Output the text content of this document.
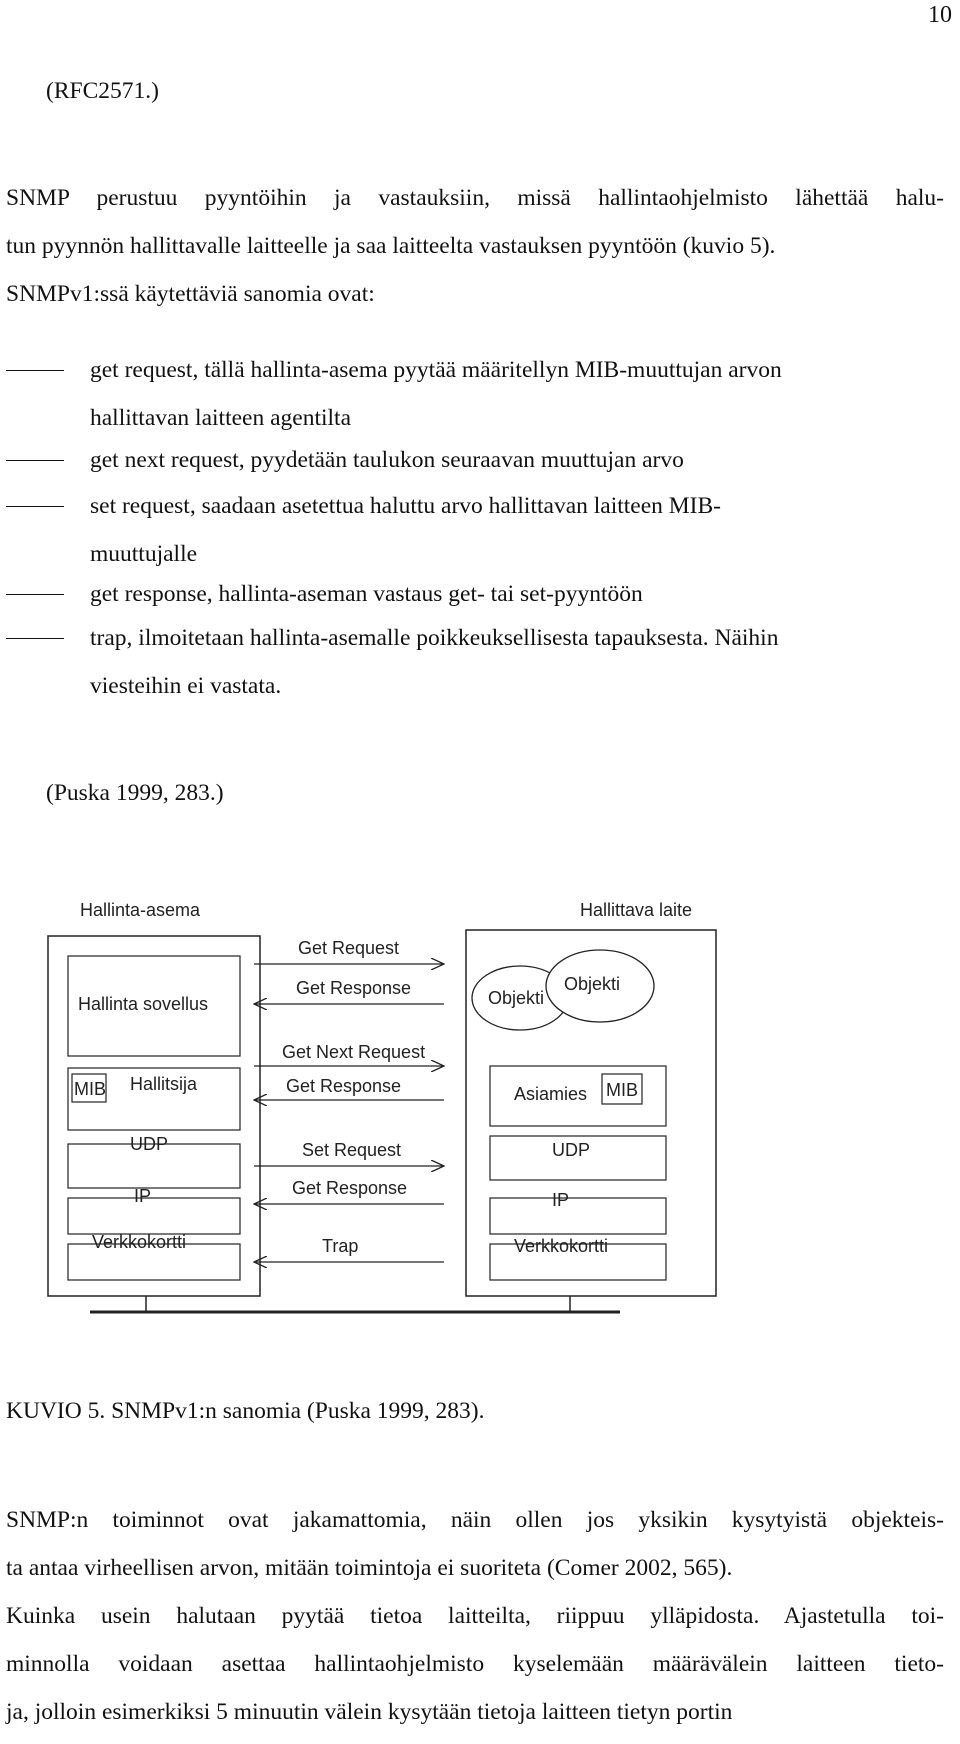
10
(RFC2571.)
SNMP perustuu pyyntöihin ja vastauksiin, missä hallintaohjelmisto lähettää halu-
tun pyynnön hallittavalle laitteelle ja saa laitteelta vastauksen pyyntöön (kuvio 5).
SNMPv1:ssä käytettäviä sanomia ovat:
get request, tällä hallinta-asema pyytää määritellyn MIB-muuttujan arvon
hallittavan laitteen agentilta
get next request, pyydetään taulukon seuraavan muuttujan arvo
set request, saadaan asetettua haluttu arvo hallittavan laitteen MIB-
muuttujalle
get response, hallinta-aseman vastaus get- tai set-pyyntöön
trap, ilmoitetaan hallinta-asemalle poikkeuksellisesta tapauksesta. Näihin
viesteihin ei vastata.
(Puska 1999, 283.)
Hallinta-asema
Hallinta sovellus
MIB Hallitsija
UDP
IP
Verkkokortti
Hallittava laite
Objekti
Objekti
Asiamies MIB
UDP
IP
Verkkokortti
Get Request
Get Response
Get Next Request
Get Response
Set Request
Get Response
Trap
KUVIO 5. SNMPv1:n sanomia (Puska 1999, 283).
SNMP:n toiminnot ovat jakamattomia, näin ollen jos yksikin kysytyistä objekteis-
ta antaa virheellisen arvon, mitään toimintoja ei suoriteta (Comer 2002, 565).
Kuinka usein halutaan pyytää tietoa laitteilta, riippuu ylläpidosta. Ajastetulla toi-
minnolla voidaan asettaa hallintaohjelmisto kyselemään määrävälein laitteen tieto-
ja, jolloin esimerkiksi 5 minuutin välein kysytään tietoja laitteen tietyn portin
